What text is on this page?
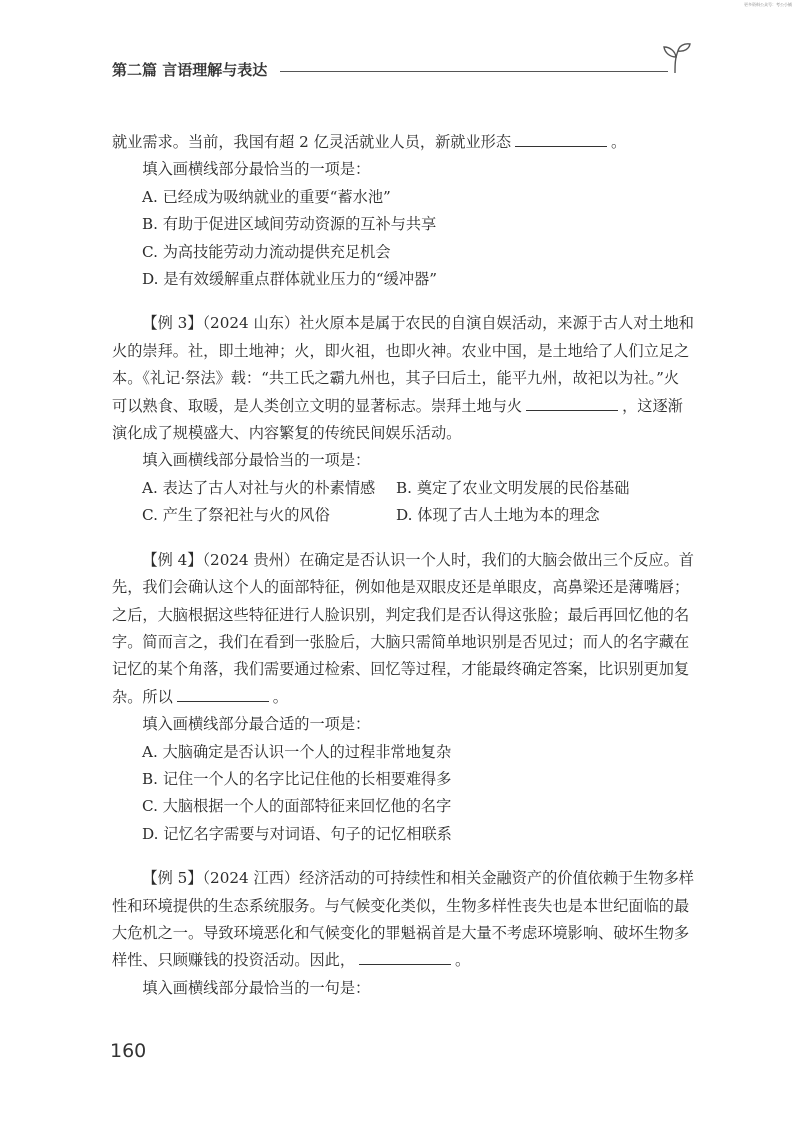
更多资料公众号：考公小铺
第二篇 言语理解与表达

就业需求。当前，我国有超 2 亿灵活就业人员，新就业形态	。

填入画横线部分最恰当的一项是：

A. 已经成为吸纳就业的重要“蓄水池”

B. 有助于促进区域间劳动资源的互补与共享

C. 为高技能劳动力流动提供充足机会

D. 是有效缓解重点群体就业压力的“缓冲器”

【例 3】（2024 山东）社火原本是属于农民的自演自娱活动，来源于古人对土地和火的崇拜。社，即土地神；火，即火祖，也即火神。农业中国，是土地给了人们立足之本。《礼记·祭法》载：“共工氏之霸九州也，其子曰后土，能平九州，故祀以为社。”火可以熟食、取暖，是人类创立文明的显著标志。崇拜土地与火	，这逐渐演化成了规模盛大、内容繁复的传统民间娱乐活动。

填入画横线部分最恰当的一项是：

A. 表达了古人对社与火的朴素情感	B. 奠定了农业文明发展的民俗基础
C. 产生了祭祀社与火的风俗	D. 体现了古人土地为本的理念

【例 4】（2024 贵州）在确定是否认识一个人时，我们的大脑会做出三个反应。首先，我们会确认这个人的面部特征，例如他是双眼皮还是单眼皮，高鼻梁还是薄嘴唇；之后，大脑根据这些特征进行人脸识别，判定我们是否认得这张脸；最后再回忆他的名字。简而言之，我们在看到一张脸后，大脑只需简单地识别是否见过；而人的名字藏在记忆的某个角落，我们需要通过检索、回忆等过程，才能最终确定答案，比识别更加复杂。所以	。

填入画横线部分最合适的一项是：

A. 大脑确定是否认识一个人的过程非常地复杂

B. 记住一个人的名字比记住他的长相要难得多

C. 大脑根据一个人的面部特征来回忆他的名字

D. 记忆名字需要与对词语、句子的记忆相联系

【例 5】（2024 江西）经济活动的可持续性和相关金融资产的价值依赖于生物多样性和环境提供的生态系统服务。与气候变化类似，生物多样性丧失也是本世纪面临的最大危机之一。导致环境恶化和气候变化的罪魁祸首是大量不考虑环境影响、破坏生物多样性、只顾赚钱的投资活动。因此，	。

填入画横线部分最恰当的一句是：

160
